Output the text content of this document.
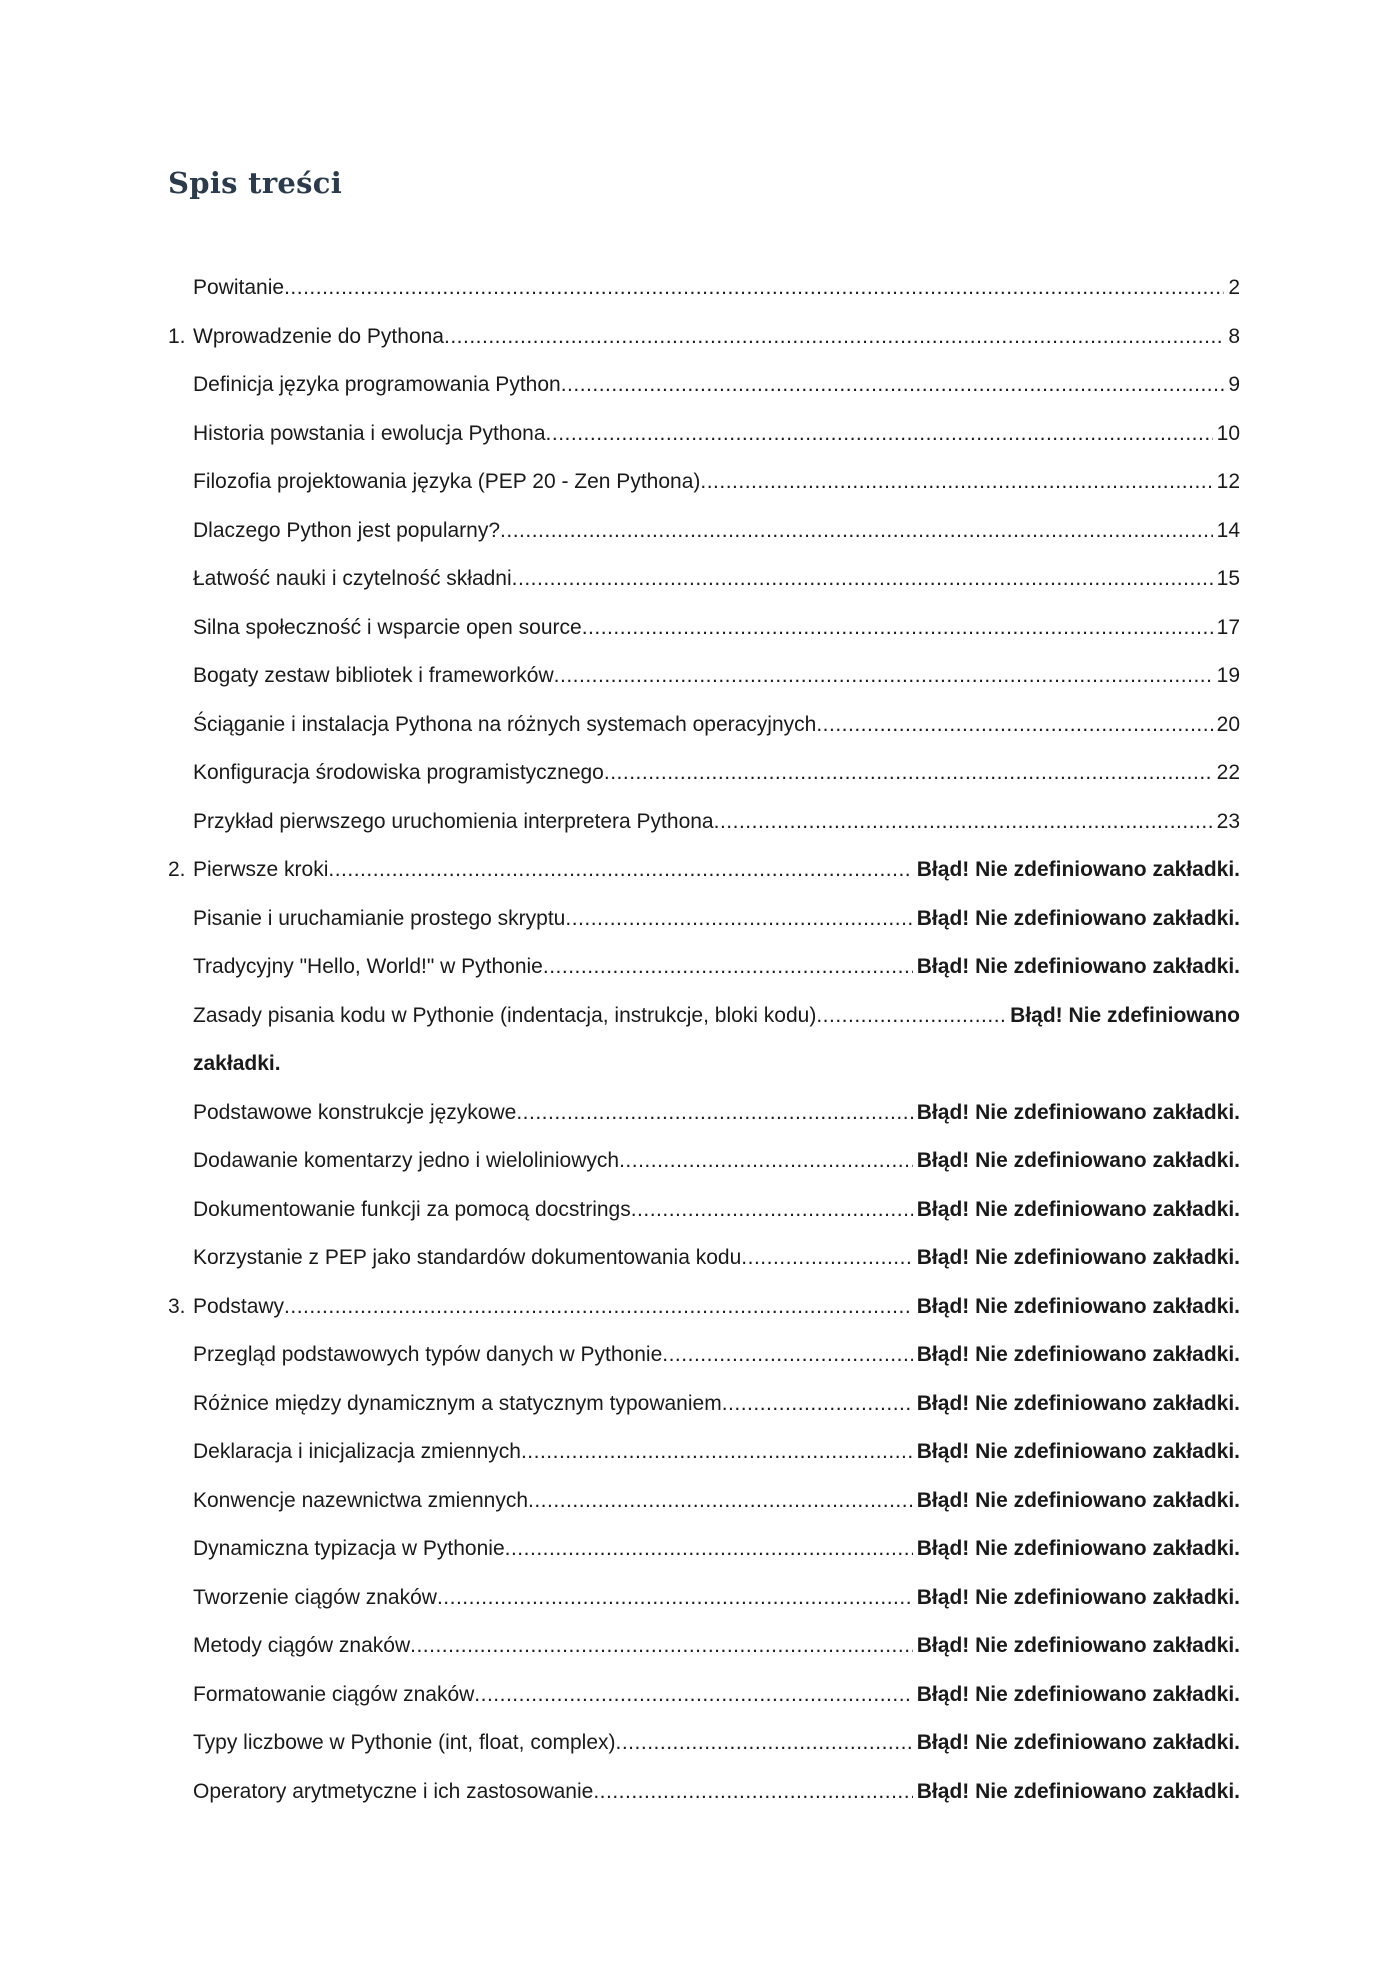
Spis treści
Powitanie .....	2
1. Wprowadzenie do Pythona .....	8
Definicja języka programowania Python .....	9
Historia powstania i ewolucja Pythona .....	10
Filozofia projektowania języka (PEP 20 - Zen Pythona) .....	12
Dlaczego Python jest popularny? .....	14
Łatwość nauki i czytelność składni .....	15
Silna społeczność i wsparcie open source .....	17
Bogaty zestaw bibliotek i frameworków .....	19
Ściąganie i instalacja Pythona na różnych systemach operacyjnych .....	20
Konfiguracja środowiska programistycznego .....	22
Przykład pierwszego uruchomienia interpretera Pythona .....	23
2. Pierwsze kroki .....	Błąd! Nie zdefiniowano zakładki.
Pisanie i uruchamianie prostego skryptu .....	Błąd! Nie zdefiniowano zakładki.
Tradycyjny "Hello, World!" w Pythonie .....	Błąd! Nie zdefiniowano zakładki.
Zasady pisania kodu w Pythonie (indentacja, instrukcje, bloki kodu) .....	Błąd! Nie zdefiniowano
zakładki.
Podstawowe konstrukcje językowe .....	Błąd! Nie zdefiniowano zakładki.
Dodawanie komentarzy jedno i wieloliniowych .....	Błąd! Nie zdefiniowano zakładki.
Dokumentowanie funkcji za pomocą docstrings .....	Błąd! Nie zdefiniowano zakładki.
Korzystanie z PEP jako standardów dokumentowania kodu .....	Błąd! Nie zdefiniowano zakładki.
3. Podstawy .....	Błąd! Nie zdefiniowano zakładki.
Przegląd podstawowych typów danych w Pythonie .....	Błąd! Nie zdefiniowano zakładki.
Różnice między dynamicznym a statycznym typowaniem .....	Błąd! Nie zdefiniowano zakładki.
Deklaracja i inicjalizacja zmiennych .....	Błąd! Nie zdefiniowano zakładki.
Konwencje nazewnictwa zmiennych .....	Błąd! Nie zdefiniowano zakładki.
Dynamiczna typizacja w Pythonie .....	Błąd! Nie zdefiniowano zakładki.
Tworzenie ciągów znaków .....	Błąd! Nie zdefiniowano zakładki.
Metody ciągów znaków .....	Błąd! Nie zdefiniowano zakładki.
Formatowanie ciągów znaków .....	Błąd! Nie zdefiniowano zakładki.
Typy liczbowe w Pythonie (int, float, complex) .....	Błąd! Nie zdefiniowano zakładki.
Operatory arytmetyczne i ich zastosowanie .....	Błąd! Nie zdefiniowano zakładki.
